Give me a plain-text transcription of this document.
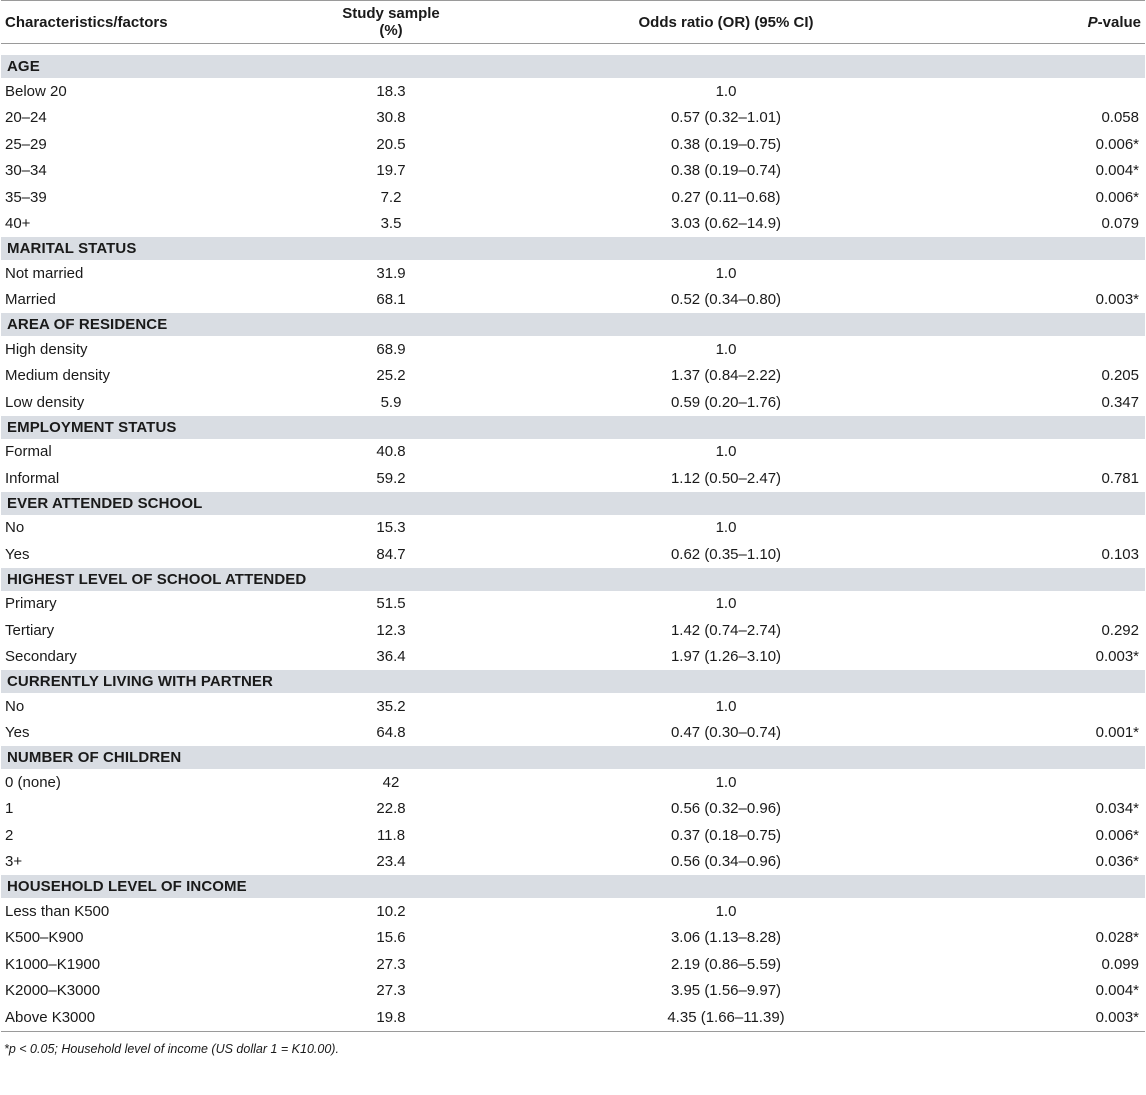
Characteristics/factors	Study sample (%)	Odds ratio (OR) (95% CI)	P-value

AGE			
Below 20	18.3	1.0	
20–24	30.8	0.57 (0.32–1.01)	0.058
25–29	20.5	0.38 (0.19–0.75)	0.006*
30–34	19.7	0.38 (0.19–0.74)	0.004*
35–39	7.2	0.27 (0.11–0.68)	0.006*
40+	3.5	3.03 (0.62–14.9)	0.079
MARITAL STATUS			
Not married	31.9	1.0	
Married	68.1	0.52 (0.34–0.80)	0.003*
AREA OF RESIDENCE			
High density	68.9	1.0	
Medium density	25.2	1.37 (0.84–2.22)	0.205
Low density	5.9	0.59 (0.20–1.76)	0.347
EMPLOYMENT STATUS			
Formal	40.8	1.0	
Informal	59.2	1.12 (0.50–2.47)	0.781
EVER ATTENDED SCHOOL			
No	15.3	1.0	
Yes	84.7	0.62 (0.35–1.10)	0.103
HIGHEST LEVEL OF SCHOOL ATTENDED			
Primary	51.5	1.0	
Tertiary	12.3	1.42 (0.74–2.74)	0.292
Secondary	36.4	1.97 (1.26–3.10)	0.003*
CURRENTLY LIVING WITH PARTNER			
No	35.2	1.0	
Yes	64.8	0.47 (0.30–0.74)	0.001*
NUMBER OF CHILDREN			
0 (none)	42	1.0	
1	22.8	0.56 (0.32–0.96)	0.034*
2	11.8	0.37 (0.18–0.75)	0.006*
3+	23.4	0.56 (0.34–0.96)	0.036*
HOUSEHOLD LEVEL OF INCOME			
Less than K500	10.2	1.0	
K500–K900	15.6	3.06 (1.13–8.28)	0.028*
K1000–K1900	27.3	2.19 (0.86–5.59)	0.099
K2000–K3000	27.3	3.95 (1.56–9.97)	0.004*
Above K3000	19.8	4.35 (1.66–11.39)	0.003*
*p < 0.05; Household level of income (US dollar 1 = K10.00).
